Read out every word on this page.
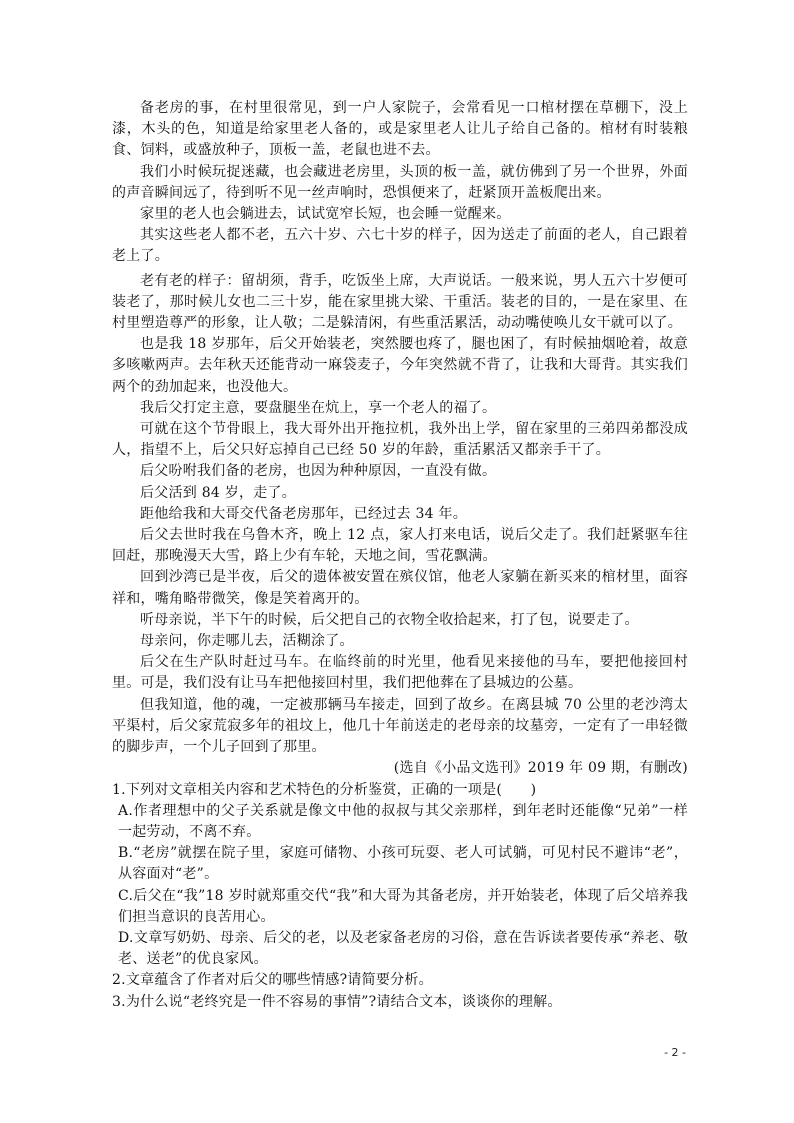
备老房的事，在村里很常见，到一户人家院子，会常看见一口棺材摆在草棚下，没上漆，木头的色，知道是给家里老人备的，或是家里老人让儿子给自己备的。棺材有时装粮食、饲料，或盛放种子，顶板一盖，老鼠也进不去。

我们小时候玩捉迷藏，也会藏进老房里，头顶的板一盖，就仿佛到了另一个世界，外面的声音瞬间远了，待到听不见一丝声响时，恐惧便来了，赶紧顶开盖板爬出来。

家里的老人也会躺进去，试试宽窄长短，也会睡一觉醒来。

其实这些老人都不老，五六十岁、六七十岁的样子，因为送走了前面的老人，自己跟着老上了。

老有老的样子：留胡须，背手，吃饭坐上席，大声说话。一般来说，男人五六十岁便可装老了，那时候儿女也二三十岁，能在家里挑大梁、干重活。装老的目的，一是在家里、在村里塑造尊严的形象，让人敬；二是躲清闲，有些重活累活，动动嘴使唤儿女干就可以了。

也是我 18 岁那年，后父开始装老，突然腰也疼了，腿也困了，有时候抽烟呛着，故意多咳嗽两声。去年秋天还能背动一麻袋麦子，今年突然就不背了，让我和大哥背。其实我们两个的劲加起来，也没他大。

我后父打定主意，要盘腿坐在炕上，享一个老人的福了。

可就在这个节骨眼上，我大哥外出开拖拉机，我外出上学，留在家里的三弟四弟都没成人，指望不上，后父只好忘掉自己已经 50 岁的年龄，重活累活又都亲手干了。

后父吩咐我们备的老房，也因为种种原因，一直没有做。

后父活到 84 岁，走了。

距他给我和大哥交代备老房那年，已经过去 34 年。

后父去世时我在乌鲁木齐，晚上 12 点，家人打来电话，说后父走了。我们赶紧驱车往回赶，那晚漫天大雪，路上少有车轮，天地之间，雪花飘满。

回到沙湾已是半夜，后父的遗体被安置在殡仪馆，他老人家躺在新买来的棺材里，面容祥和，嘴角略带微笑，像是笑着离开的。

听母亲说，半下午的时候，后父把自己的衣物全收拾起来，打了包，说要走了。

母亲问，你走哪儿去，活糊涂了。

后父在生产队时赶过马车。在临终前的时光里，他看见来接他的马车，要把他接回村里。可是，我们没有让马车把他接回村里，我们把他葬在了县城边的公墓。

但我知道，他的魂，一定被那辆马车接走，回到了故乡。在离县城 70 公里的老沙湾太平渠村，后父家荒寂多年的祖坟上，他几十年前送走的老母亲的坟墓旁，一定有了一串轻微的脚步声，一个儿子回到了那里。

(选自《小品文选刊》2019 年 09 期，有删改)

1.下列对文章相关内容和艺术特色的分析鉴赏，正确的一项是(　　)

A.作者理想中的父子关系就是像文中他的叔叔与其父亲那样，到年老时还能像“兄弟”一样一起劳动，不离不弃。

B.“老房”就摆在院子里，家庭可储物、小孩可玩耍、老人可试躺，可见村民不避讳“老”，从容面对“老”。

C.后父在“我”18 岁时就郑重交代“我”和大哥为其备老房，并开始装老，体现了后父培养我们担当意识的良苦用心。

D.文章写奶奶、母亲、后父的老，以及老家备老房的习俗，意在告诉读者要传承“养老、敬老、送老”的优良家风。

2.文章蕴含了作者对后父的哪些情感?请简要分析。

3.为什么说“老终究是一件不容易的事情”?请结合文本，谈谈你的理解。

- 2 -
